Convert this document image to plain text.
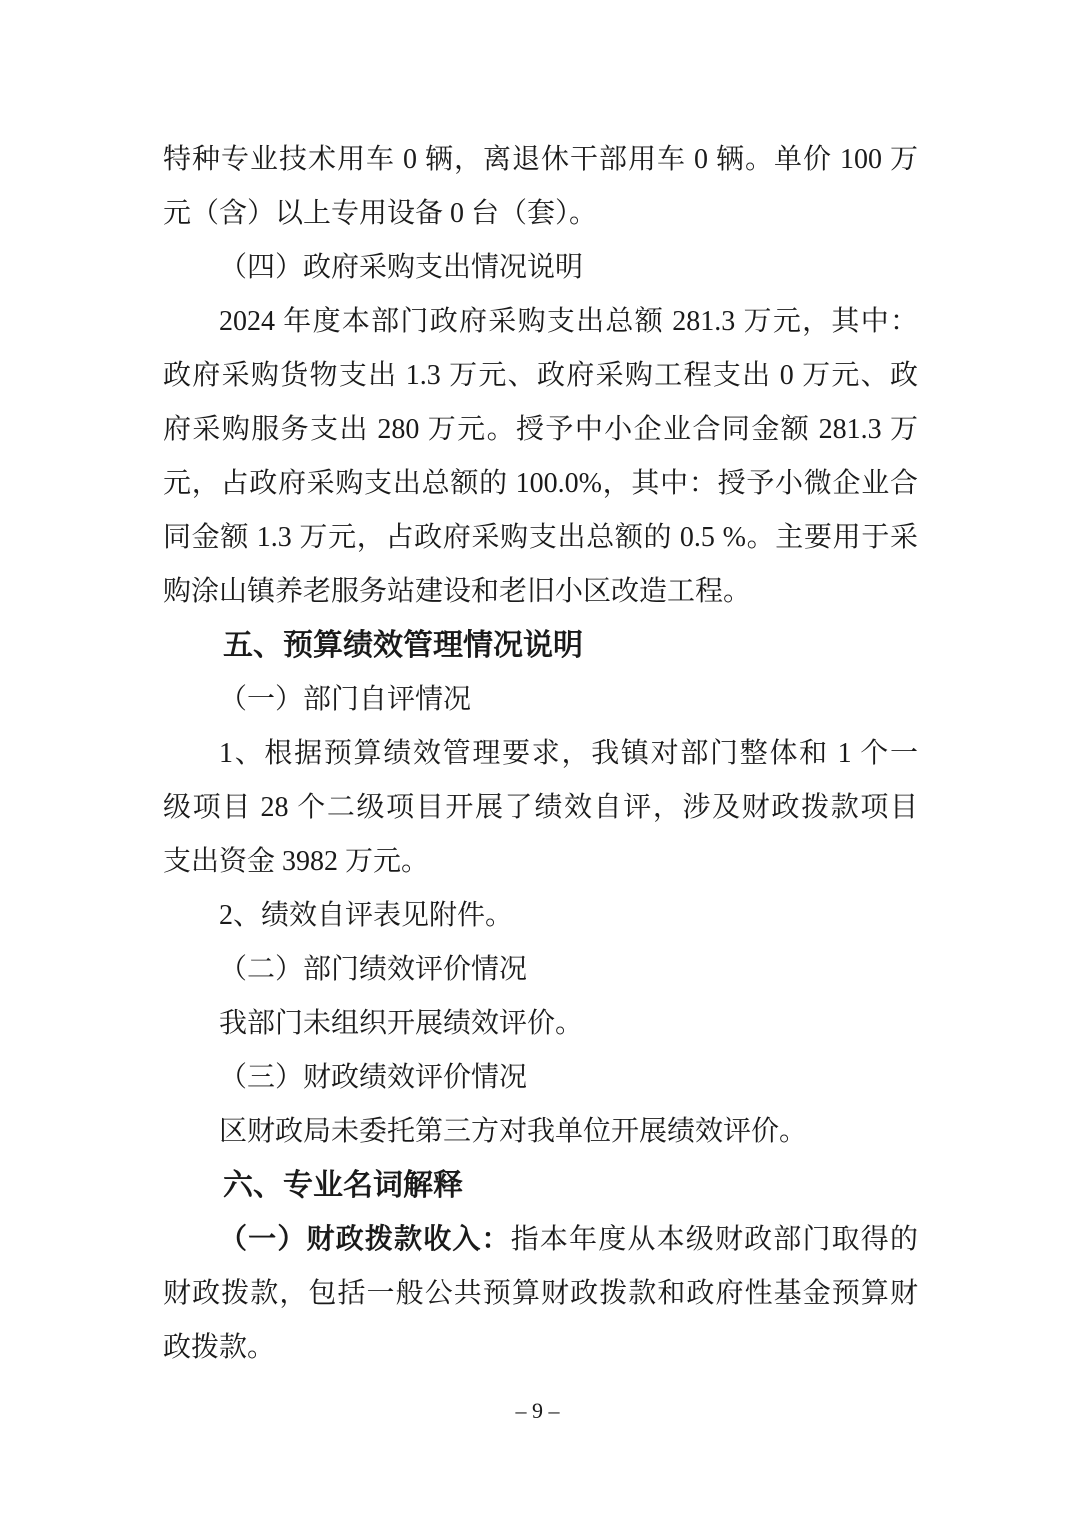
特种专业技术用车 0 辆，离退休干部用车 0 辆。单价 100 万
元（含）以上专用设备 0 台（套）。
（四）政府采购支出情况说明
2024 年度本部门政府采购支出总额 281.3 万元，其中：
政府采购货物支出 1.3 万元、政府采购工程支出 0 万元、政
府采购服务支出 280 万元。授予中小企业合同金额 281.3 万
元，占政府采购支出总额的 100.0%，其中：授予小微企业合
同金额 1.3 万元，占政府采购支出总额的 0.5 %。主要用于采
购涂山镇养老服务站建设和老旧小区改造工程。
五、预算绩效管理情况说明
（一）部门自评情况
1、根据预算绩效管理要求，我镇对部门整体和 1 个一
级项目 28 个二级项目开展了绩效自评，涉及财政拨款项目
支出资金 3982 万元。
2、绩效自评表见附件。
（二）部门绩效评价情况
我部门未组织开展绩效评价。
（三）财政绩效评价情况
区财政局未委托第三方对我单位开展绩效评价。
六、专业名词解释
（一）财政拨款收入：指本年度从本级财政部门取得的
财政拨款，包括一般公共预算财政拨款和政府性基金预算财
政拨款。
– 9 –
